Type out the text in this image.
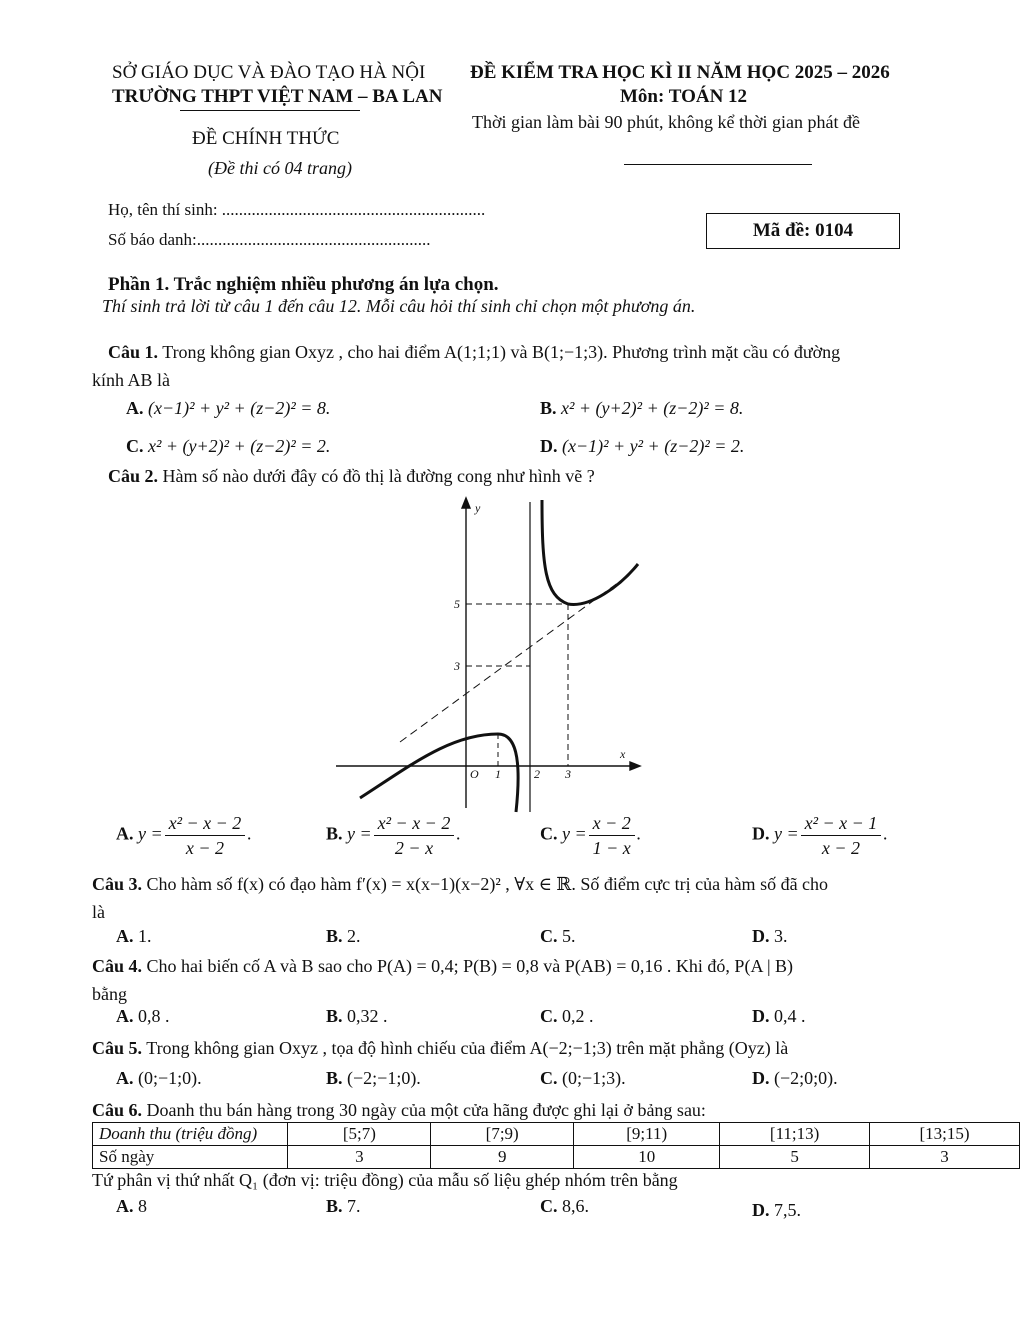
SỞ GIÁO DỤC VÀ ĐÀO TẠO HÀ NỘI
TRƯỜNG THPT VIỆT NAM – BA LAN
ĐỀ KIỂM TRA HỌC KÌ II NĂM HỌC 2025 – 2026
Môn: TOÁN 12
Thời gian làm bài 90 phút, không kể thời gian phát đề
ĐỀ CHÍNH THỨC
(Đề thi có 04 trang)
Họ, tên thí sinh: ..............................................................
Số báo danh:.......................................................	Mã đề: 0104
Phần 1. Trắc nghiệm nhiều phương án lựa chọn.
Thí sinh trả lời từ câu 1 đến câu 12. Mỗi câu hỏi thí sinh chỉ chọn một phương án.
Câu 1. Trong không gian Oxyz , cho hai điểm A(1;1;1) và B(1;−1;3). Phương trình mặt cầu có đường
kính AB là
A. (x−1)² + y² + (z−2)² = 8.	B. x² + (y+2)² + (z−2)² = 8.
C. x² + (y+2)² + (z−2)² = 2.	D. (x−1)² + y² + (z−2)² = 2.
Câu 2. Hàm số nào dưới đây có đồ thị là đường cong như hình vẽ ?
y
x
O 1	2 3
3
5
A. $y = \frac{\text{x² − x − 2}}{x - 2}$ .	B. $y = \frac{\text{x² − x − 2}}{2 - x}$ .	C. $y = \frac{x - 2}{1 - x}$ .	D. $y = \frac{\text{x² − x − 1}}{x - 2}$ .
Câu 3. Cho hàm số f(x) có đạo hàm f′(x) = x(x−1)(x−2)² , ∀x ∈ ℝ. Số điểm cực trị của hàm số đã cho
là
A. 1.	B. 2.	C. 5.	D. 3.
Câu 4. Cho hai biến cố A và B sao cho P(A) = 0,4; P(B) = 0,8 và P(AB) = 0,16 . Khi đó, P(A | B)
bằng
A. 0,8 .	B. 0,32 .	C. 0,2 .	D. 0,4 .
Câu 5. Trong không gian Oxyz , tọa độ hình chiếu của điểm A(−2;−1;3) trên mặt phẳng (Oyz) là
A. (0;−1;0).	B. (−2;−1;0).	C. (0;−1;3).	D. (−2;0;0).
Câu 6. Doanh thu bán hàng trong 30 ngày của một cửa hãng được ghi lại ở bảng sau:
Doanh thu (triệu đồng)	[5;7)	[7;9)	[9;11)	[11;13)	[13;15)
Số ngày	3	9	10	5	3
Tứ phân vị thứ nhất Q₁ (đơn vị: triệu đồng) của mẫu số liệu ghép nhóm trên bằng
A. 8	B. 7.	C. 8,6.	D. 7,5.
